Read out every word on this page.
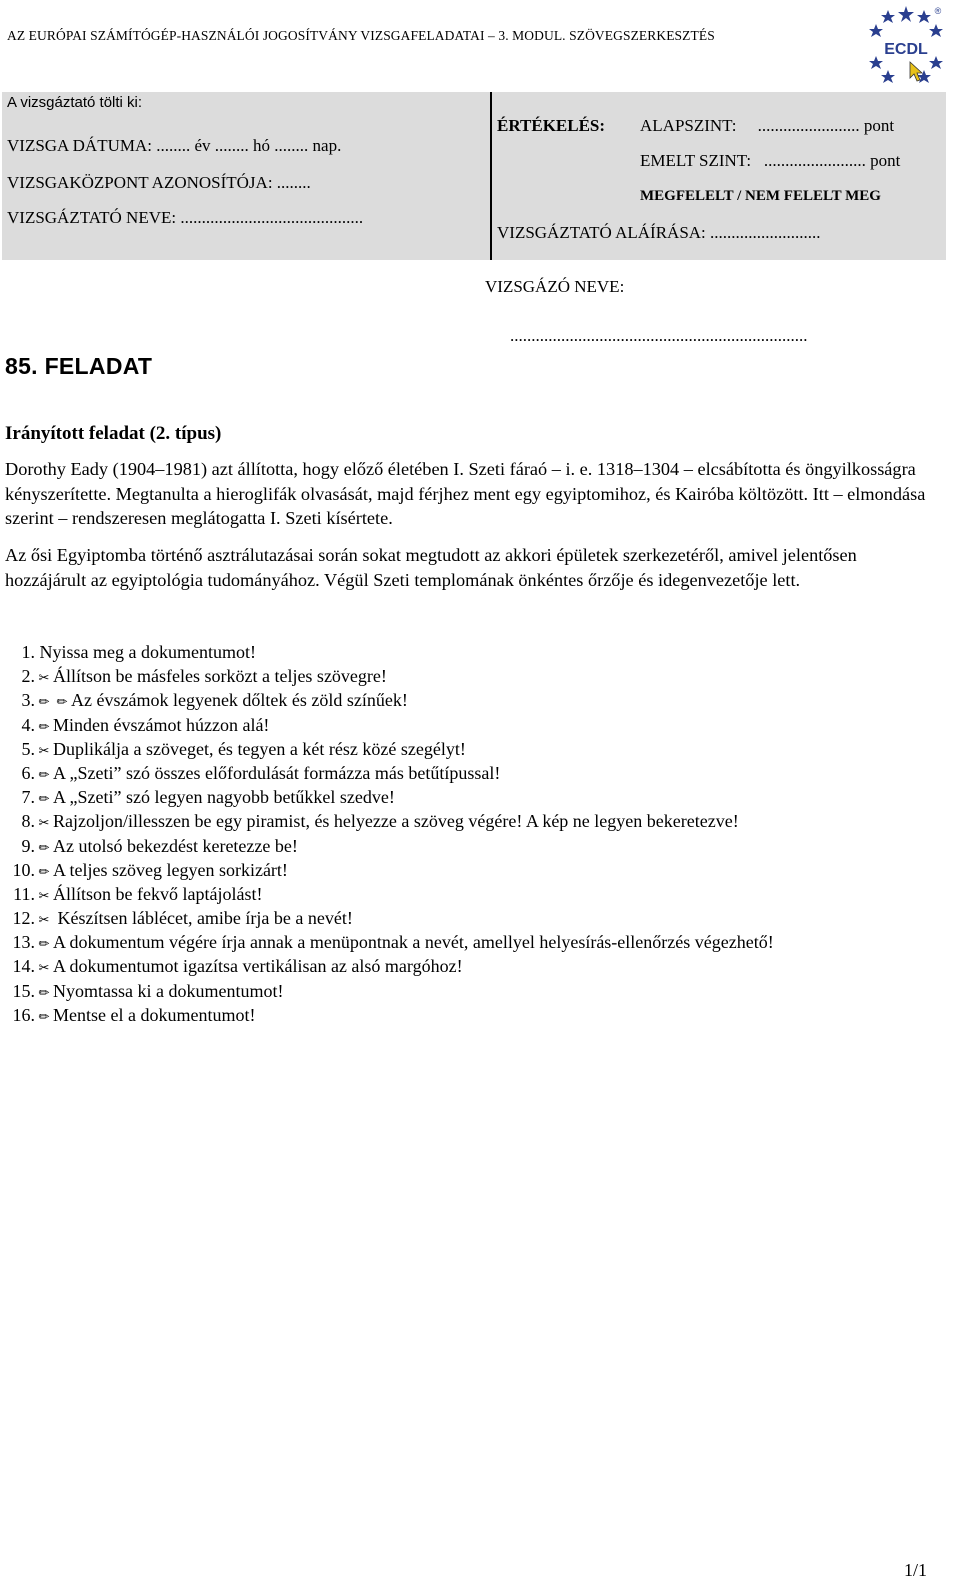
AZ EURÓPAI SZÁMÍTÓGÉP-HASZNÁLÓI JOGOSÍTVÁNY VIZSGAFELADATAI – 3. MODUL. SZÖVEGSZERKESZTÉS
ECDL
®
A vizsgáztató tölti ki:
VIZSGA DÁTUMA: ........ év ........ hó ........ nap.
VIZSGAKÖZPONT AZONOSÍTÓJA: ........
VIZSGÁZTATÓ NEVE: ...........................................
ÉRTÉKELÉS: ALAPSZINT:     ........................ pont
EMELT SZINT:   ........................ pont
MEGFELELT / NEM FELELT MEG
VIZSGÁZTATÓ ALÁÍRÁSA: ..........................
VIZSGÁZÓ NEVE:
......................................................................
85. FELADAT
Irányított feladat (2. típus)

Dorothy Eady (1904–1981) azt állította, hogy előző életében I. Szeti fáraó – i. e. 1318–1304 – elcsábította és öngyilkosságra kényszerítette. Megtanulta a hieroglifák olvasását, majd férjhez ment egy egyiptomihoz, és Kairóba költözött. Itt – elmondása szerint – rendszeresen meglátogatta I. Szeti kísértete.

Az ősi Egyiptomba történő asztrálutazásai során sokat megtudott az akkori épületek szerkezetéről, amivel jelentősen hozzájárult az egyiptológia tudományához. Végül Szeti templomának önkéntes őrzője és idegenvezetője lett.

1. Nyissa meg a dokumentumot!
2. ✂ Állítson be másfeles sorközt a teljes szövegre!
3. ✏ ✏ Az évszámok legyenek dőltek és zöld színűek!
4. ✏ Minden évszámot húzzon alá!
5. ✂ Duplikálja a szöveget, és tegyen a két rész közé szegélyt!
6. ✏ A „Szeti” szó összes előfordulását formázza más betűtípussal!
7. ✏ A „Szeti” szó legyen nagyobb betűkkel szedve!
8. ✂ Rajzoljon/illesszen be egy piramist, és helyezze a szöveg végére! A kép ne legyen bekeretezve!
9. ✏ Az utolsó bekezdést keretezze be!
10. ✏ A teljes szöveg legyen sorkizárt!
11. ✂ Állítson be fekvő laptájolást!
12. ✂ Készítsen láblécet, amibe írja be a nevét!
13. ✏ A dokumentum végére írja annak a menüpontnak a nevét, amellyel helyesírás-ellenőrzés végezhető!
14. ✂ A dokumentumot igazítsa vertikálisan az alsó margóhoz!
15. ✏ Nyomtassa ki a dokumentumot!
16. ✏ Mentse el a dokumentumot!
1/1
